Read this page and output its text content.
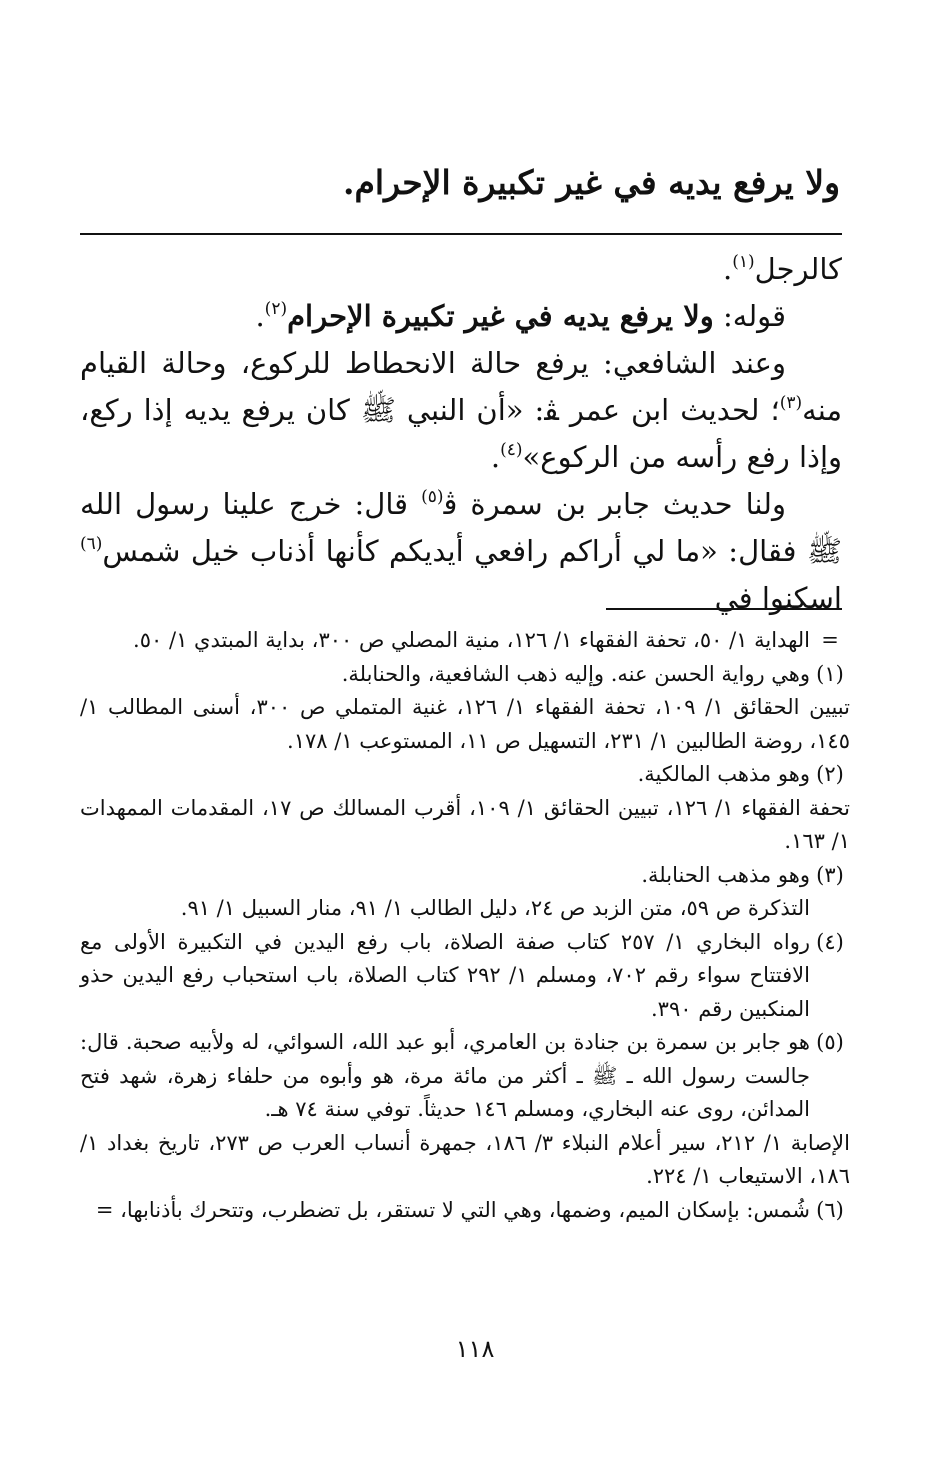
ولا يرفع يديه في غير تكبيرة الإحرام.

كالرجل$^{(١)}$.

قوله: ولا يرفع يديه في غير تكبيرة الإحرام$^{(٢)}$.

وعند الشافعي: يرفع حالة الانحطاط للركوع، وحالة القيام منه$^{(٣)}$؛ لحديث ابن عمر ﭭ: «أن النبي ﷺ كان يرفع يديه إذا ركع، وإذا رفع رأسه من الركوع»$^{(٤)}$.

ولنا حديث جابر بن سمرة ﭬ$^{(٥)}$ قال: خرج علينا رسول الله ﷺ فقال: «ما لي أراكم رافعي أيديكم كأنها أذناب خيل شمس$^{(٦)}$ اسكنوا في

=
الهداية ١/ ٥٠، تحفة الفقهاء ١/ ١٢٦، منية المصلي ص ٣٠٠، بداية المبتدي ١/ ٥٠.
(١)
وهي رواية الحسن عنه. وإليه ذهب الشافعية، والحنابلة.

تبيين الحقائق ١/ ١٠٩، تحفة الفقهاء ١/ ١٢٦، غنية المتملي ص ٣٠٠، أسنى المطالب ١/ ١٤٥، روضة الطالبين ١/ ٢٣١، التسهيل ص ١١، المستوعب ١/ ١٧٨.

(٢)
وهو مذهب المالكية.

تحفة الفقهاء ١/ ١٢٦، تبيين الحقائق ١/ ١٠٩، أقرب المسالك ص ١٧، المقدمات الممهدات ١/ ١٦٣.

(٣)
وهو مذهب الحنابلة.

التذكرة ص ٥٩، متن الزبد ص ٢٤، دليل الطالب ١/ ٩١، منار السبيل ١/ ٩١.

(٤)
رواه البخاري ١/ ٢٥٧ كتاب صفة الصلاة، باب رفع اليدين في التكبيرة الأولى مع الافتتاح سواء رقم ٧٠٢، ومسلم ١/ ٢٩٢ كتاب الصلاة، باب استحباب رفع اليدين حذو المنكبين رقم ٣٩٠.
(٥)
هو جابر بن سمرة بن جنادة بن العامري، أبو عبد الله، السوائي، له ولأبيه صحبة. قال: جالست رسول الله ـ ﷺ ـ أكثر من مائة مرة، هو وأبوه من حلفاء زهرة، شهد فتح المدائن، روى عنه البخاري، ومسلم ١٤٦ حديثاً. توفي سنة ٧٤ هـ.

الإصابة ١/ ٢١٢، سير أعلام النبلاء ٣/ ١٨٦، جمهرة أنساب العرب ص ٢٧٣، تاريخ بغداد ١/ ١٨٦، الاستيعاب ١/ ٢٢٤.

(٦)
شُمس: بإسكان الميم، وضمها، وهي التي لا تستقر، بل تضطرب، وتتحرك بأذنابها، =
١١٨
